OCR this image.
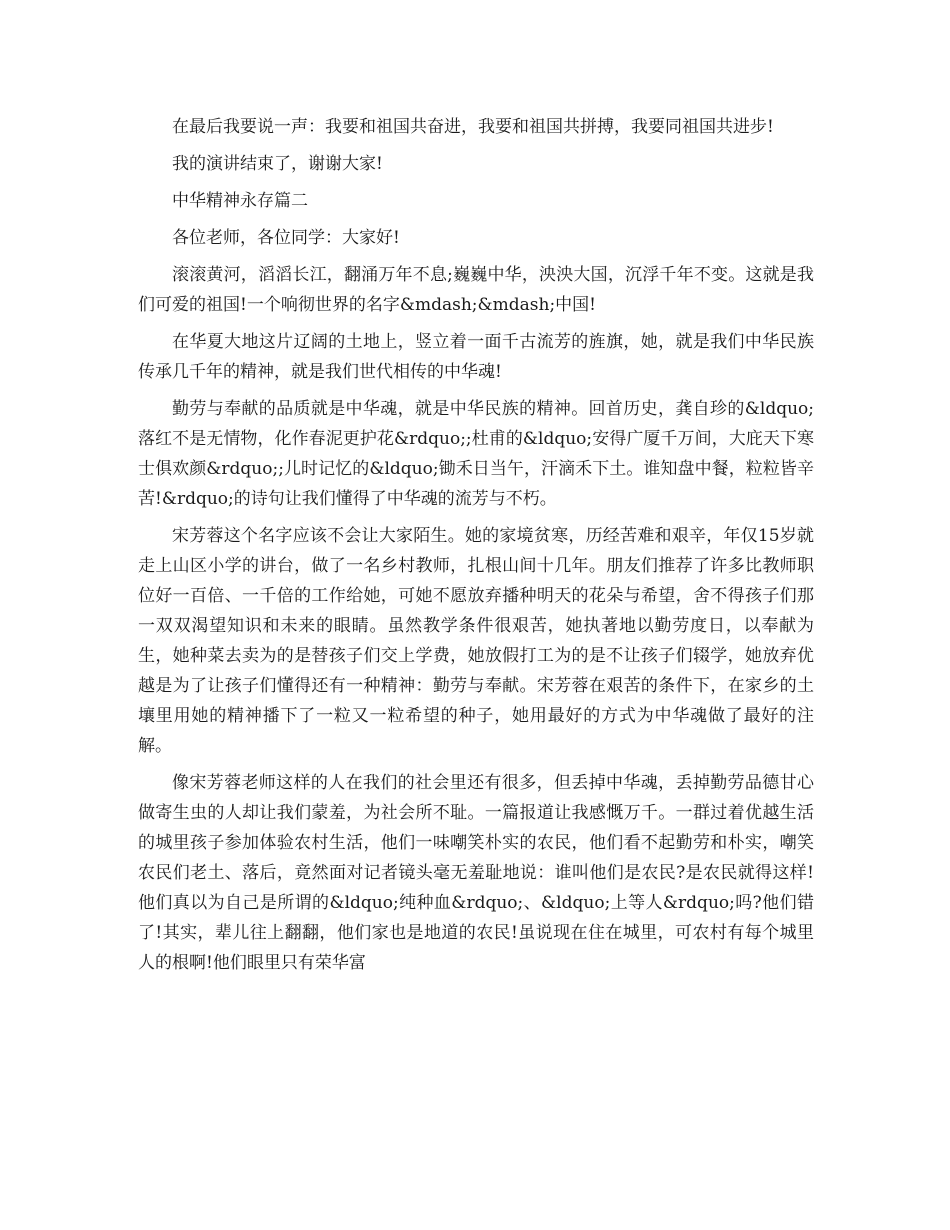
在最后我要说一声：我要和祖国共奋进，我要和祖国共拼搏，我要同祖国共进步!

我的演讲结束了，谢谢大家!

中华精神永存篇二

各位老师，各位同学：大家好!

滚滚黄河，滔滔长江，翻涌万年不息;巍巍中华，泱泱大国，沉浮千年不变。这就是我们可爱的祖国!一个响彻世界的名字&mdash;&mdash;中国!

在华夏大地这片辽阔的土地上，竖立着一面千古流芳的旌旗，她，就是我们中华民族传承几千年的精神，就是我们世代相传的中华魂!

勤劳与奉献的品质就是中华魂，就是中华民族的精神。回首历史，龚自珍的&ldquo;落红不是无情物，化作春泥更护花&rdquo;;杜甫的&ldquo;安得广厦千万间，大庇天下寒士俱欢颜&rdquo;;儿时记忆的&ldquo;锄禾日当午，汗滴禾下土。谁知盘中餐，粒粒皆辛苦!&rdquo;的诗句让我们懂得了中华魂的流芳与不朽。

宋芳蓉这个名字应该不会让大家陌生。她的家境贫寒，历经苦难和艰辛，年仅15岁就走上山区小学的讲台，做了一名乡村教师，扎根山间十几年。朋友们推荐了许多比教师职位好一百倍、一千倍的工作给她，可她不愿放弃播种明天的花朵与希望，舍不得孩子们那一双双渴望知识和未来的眼睛。虽然教学条件很艰苦，她执著地以勤劳度日，以奉献为生，她种菜去卖为的是替孩子们交上学费，她放假打工为的是不让孩子们辍学，她放弃优越是为了让孩子们懂得还有一种精神：勤劳与奉献。宋芳蓉在艰苦的条件下，在家乡的土壤里用她的精神播下了一粒又一粒希望的种子，她用最好的方式为中华魂做了最好的注解。

像宋芳蓉老师这样的人在我们的社会里还有很多，但丢掉中华魂，丢掉勤劳品德甘心做寄生虫的人却让我们蒙羞，为社会所不耻。一篇报道让我感慨万千。一群过着优越生活的城里孩子参加体验农村生活，他们一味嘲笑朴实的农民，他们看不起勤劳和朴实，嘲笑农民们老土、落后，竟然面对记者镜头毫无羞耻地说：谁叫他们是农民?是农民就得这样!他们真以为自己是所谓的&ldquo;纯种血&rdquo;、&ldquo;上等人&rdquo;吗?他们错了!其实，辈儿往上翻翻，他们家也是地道的农民!虽说现在住在城里，可农村有每个城里人的根啊!他们眼里只有荣华富
